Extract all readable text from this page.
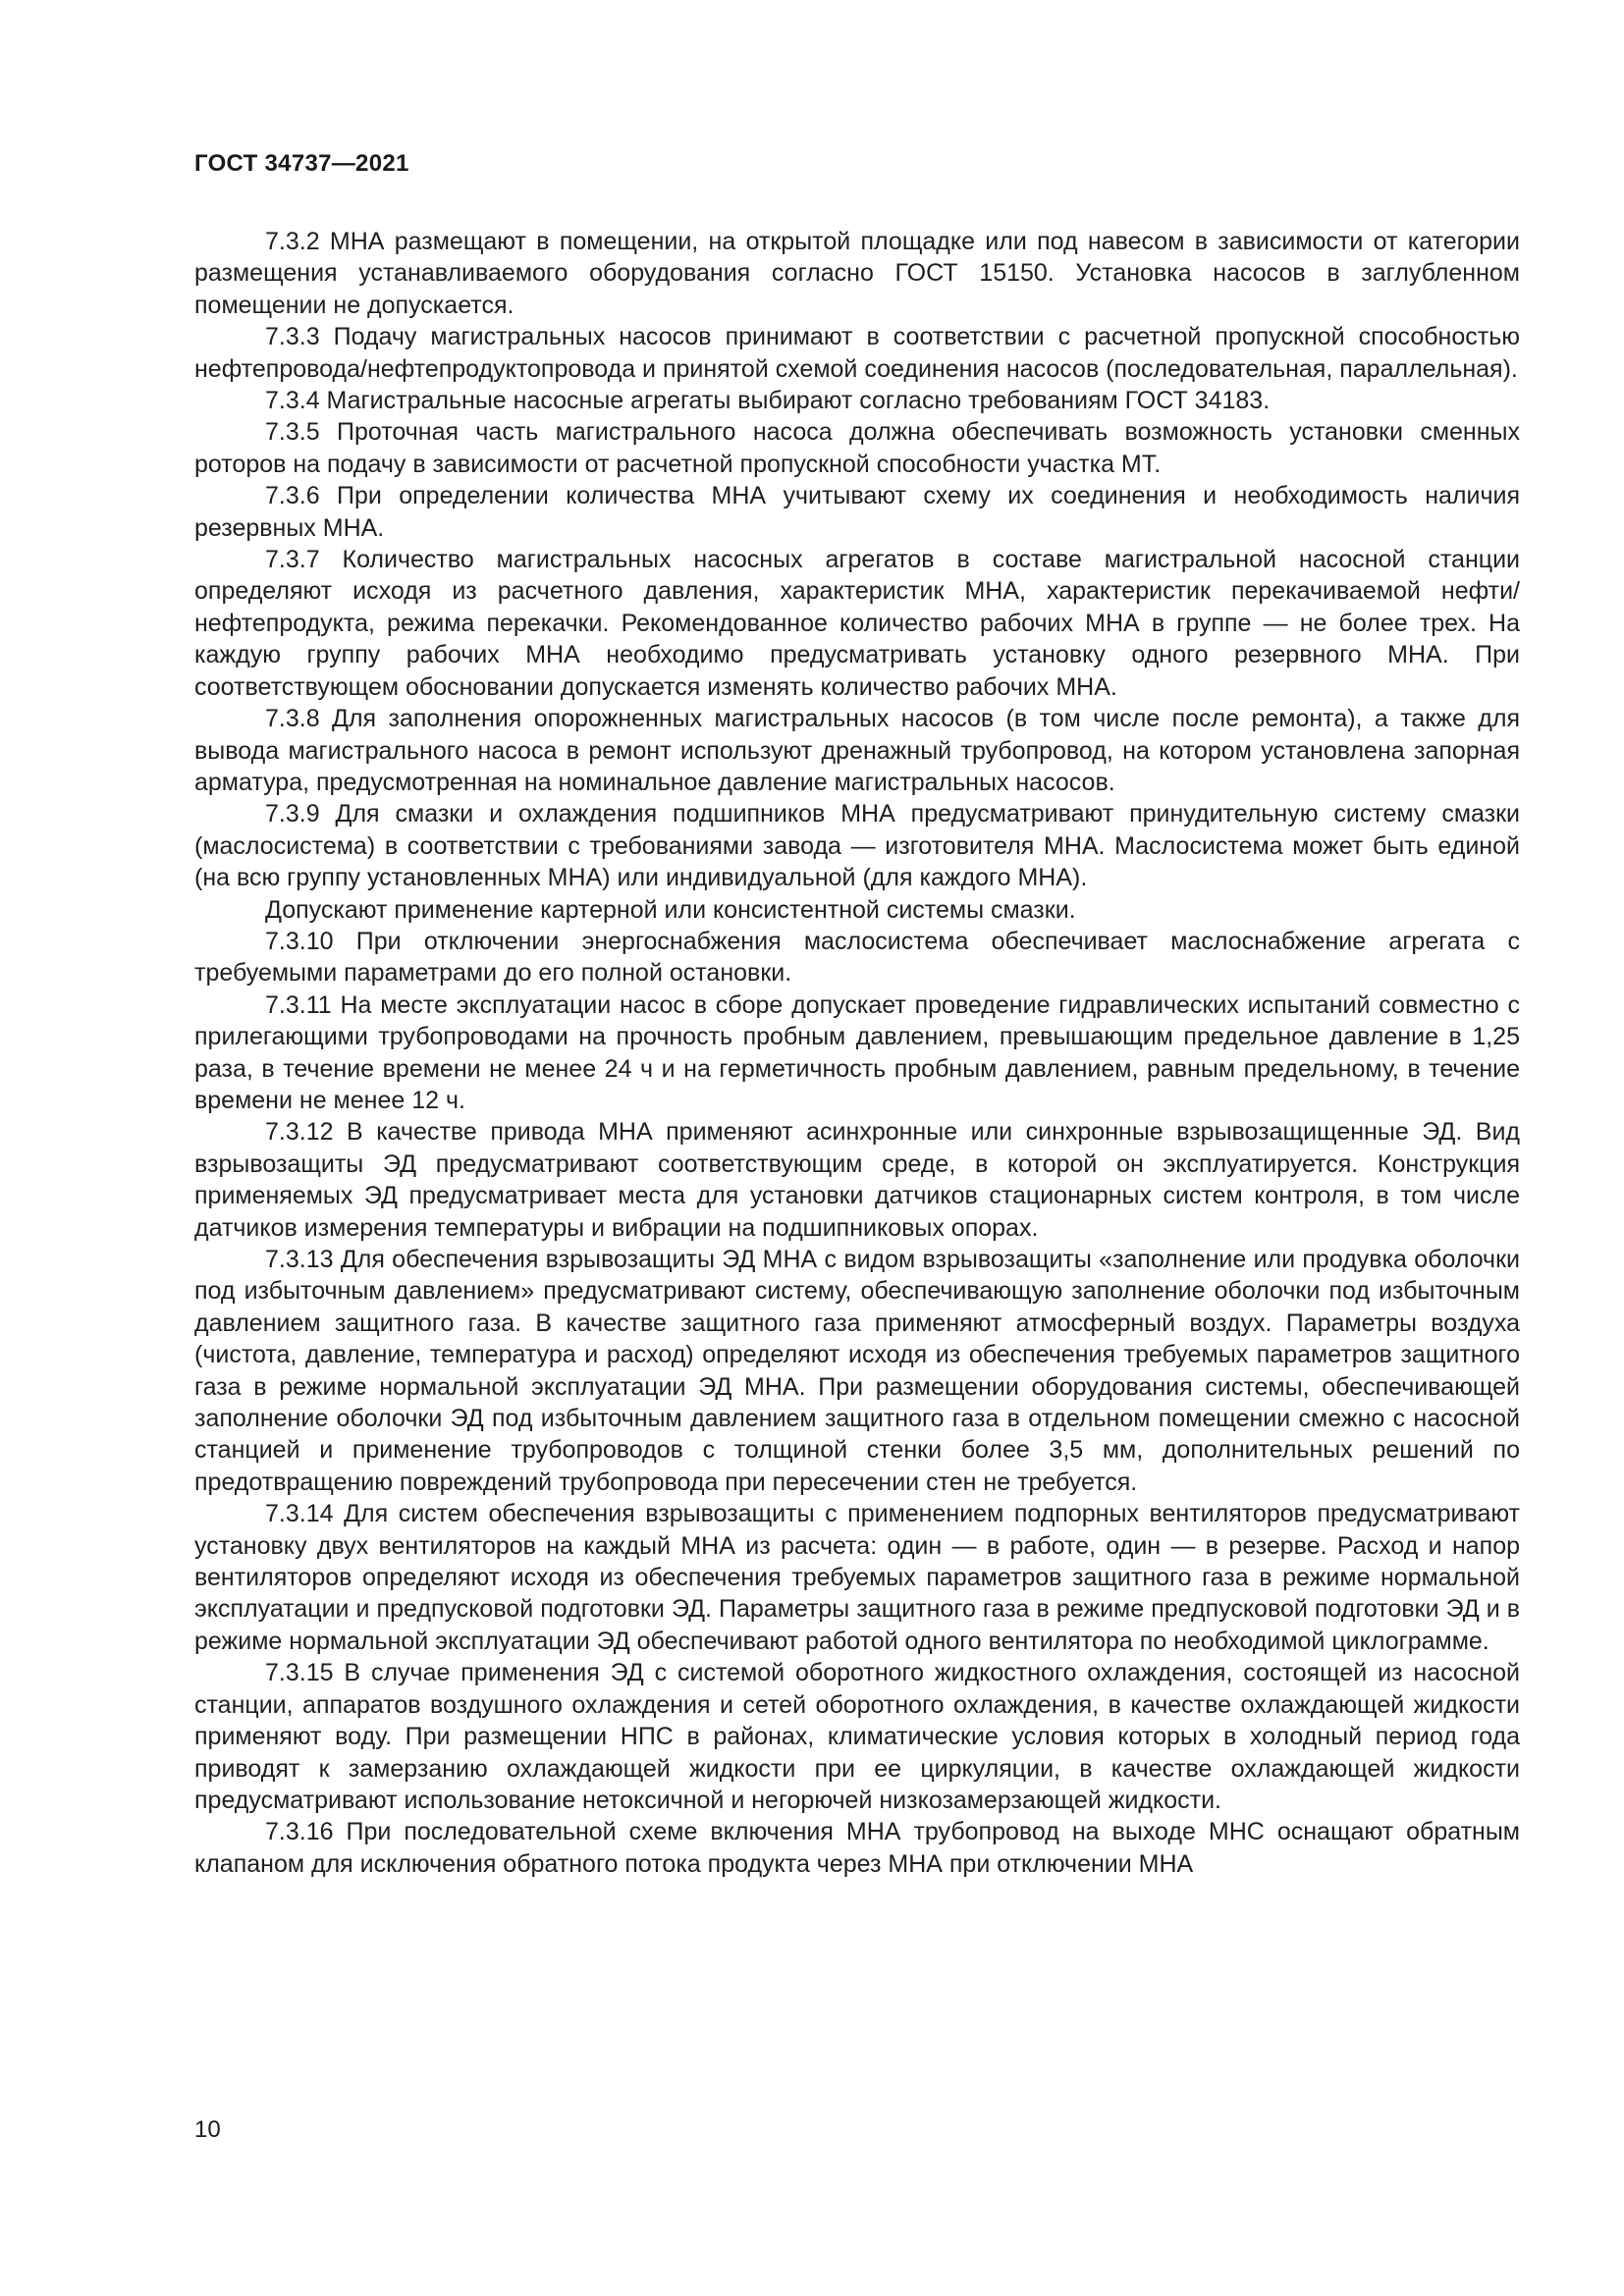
ГОСТ 34737—2021

7.3.2 МНА размещают в помещении, на открытой площадке или под навесом в зависимости от категории размещения устанавливаемого оборудования согласно ГОСТ 15150. Установка насосов в заглубленном помещении не допускается.

7.3.3 Подачу магистральных насосов принимают в соответствии с расчетной пропускной способностью нефтепровода/нефтепродуктопровода и принятой схемой соединения насосов (последовательная, параллельная).

7.3.4 Магистральные насосные агрегаты выбирают согласно требованиям ГОСТ 34183.

7.3.5 Проточная часть магистрального насоса должна обеспечивать возможность установки сменных роторов на подачу в зависимости от расчетной пропускной способности участка МТ.

7.3.6 При определении количества МНА учитывают схему их соединения и необходимость наличия резервных МНА.

7.3.7 Количество магистральных насосных агрегатов в составе магистральной насосной станции определяют исходя из расчетного давления, характеристик МНА, характеристик перекачиваемой нефти/нефтепродукта, режима перекачки. Рекомендованное количество рабочих МНА в группе — не более трех. На каждую группу рабочих МНА необходимо предусматривать установку одного резервного МНА. При соответствующем обосновании допускается изменять количество рабочих МНА.

7.3.8 Для заполнения опорожненных магистральных насосов (в том числе после ремонта), а также для вывода магистрального насоса в ремонт используют дренажный трубопровод, на котором установлена запорная арматура, предусмотренная на номинальное давление магистральных насосов.

7.3.9 Для смазки и охлаждения подшипников МНА предусматривают принудительную систему смазки (маслосистема) в соответствии с требованиями завода — изготовителя МНА. Маслосистема может быть единой (на всю группу установленных МНА) или индивидуальной (для каждого МНА).

Допускают применение картерной или консистентной системы смазки.

7.3.10 При отключении энергоснабжения маслосистема обеспечивает маслоснабжение агрегата с требуемыми параметрами до его полной остановки.

7.3.11 На месте эксплуатации насос в сборе допускает проведение гидравлических испытаний совместно с прилегающими трубопроводами на прочность пробным давлением, превышающим предельное давление в 1,25 раза, в течение времени не менее 24 ч и на герметичность пробным давлением, равным предельному, в течение времени не менее 12 ч.

7.3.12 В качестве привода МНА применяют асинхронные или синхронные взрывозащищенные ЭД. Вид взрывозащиты ЭД предусматривают соответствующим среде, в которой он эксплуатируется. Конструкция применяемых ЭД предусматривает места для установки датчиков стационарных систем контроля, в том числе датчиков измерения температуры и вибрации на подшипниковых опорах.

7.3.13 Для обеспечения взрывозащиты ЭД МНА с видом взрывозащиты «заполнение или продувка оболочки под избыточным давлением» предусматривают систему, обеспечивающую заполнение оболочки под избыточным давлением защитного газа. В качестве защитного газа применяют атмосферный воздух. Параметры воздуха (чистота, давление, температура и расход) определяют исходя из обеспечения требуемых параметров защитного газа в режиме нормальной эксплуатации ЭД МНА. При размещении оборудования системы, обеспечивающей заполнение оболочки ЭД под избыточным давлением защитного газа в отдельном помещении смежно с насосной станцией и применение трубопроводов с толщиной стенки более 3,5 мм, дополнительных решений по предотвращению повреждений трубопровода при пересечении стен не требуется.

7.3.14 Для систем обеспечения взрывозащиты с применением подпорных вентиляторов предусматривают установку двух вентиляторов на каждый МНА из расчета: один — в работе, один — в резерве. Расход и напор вентиляторов определяют исходя из обеспечения требуемых параметров защитного газа в режиме нормальной эксплуатации и предпусковой подготовки ЭД. Параметры защитного газа в режиме предпусковой подготовки ЭД и в режиме нормальной эксплуатации ЭД обеспечивают работой одного вентилятора по необходимой циклограмме.

7.3.15 В случае применения ЭД с системой оборотного жидкостного охлаждения, состоящей из насосной станции, аппаратов воздушного охлаждения и сетей оборотного охлаждения, в качестве охлаждающей жидкости применяют воду. При размещении НПС в районах, климатические условия которых в холодный период года приводят к замерзанию охлаждающей жидкости при ее циркуляции, в качестве охлаждающей жидкости предусматривают использование нетоксичной и негорючей низкозамерзающей жидкости.

7.3.16 При последовательной схеме включения МНА трубопровод на выходе МНС оснащают обратным клапаном для исключения обратного потока продукта через МНА при отключении МНА

10
